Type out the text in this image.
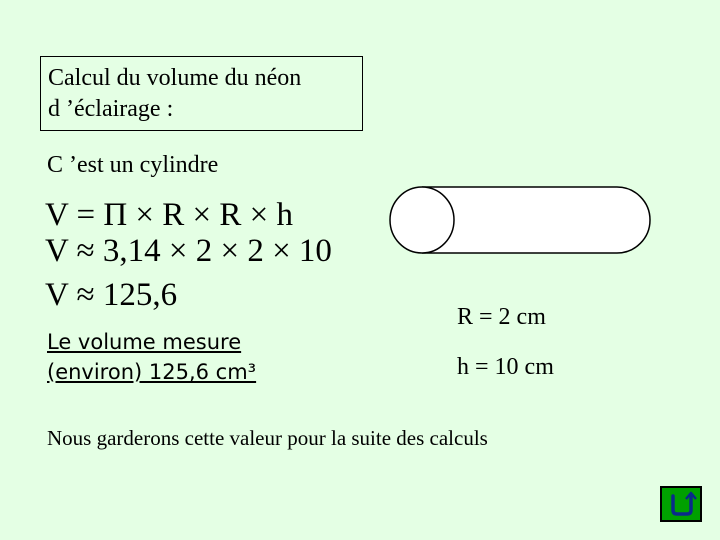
Calcul du volume du néon
d ’éclairage :
C ’est un cylindre
V = Π × R × R × h
V ≈ 3,14 × 2 × 2 × 10
V ≈ 125,6
Le volume mesure
(environ) 125,6 cm³
R = 2 cm
h = 10 cm
Nous garderons cette valeur pour la suite des calculs
